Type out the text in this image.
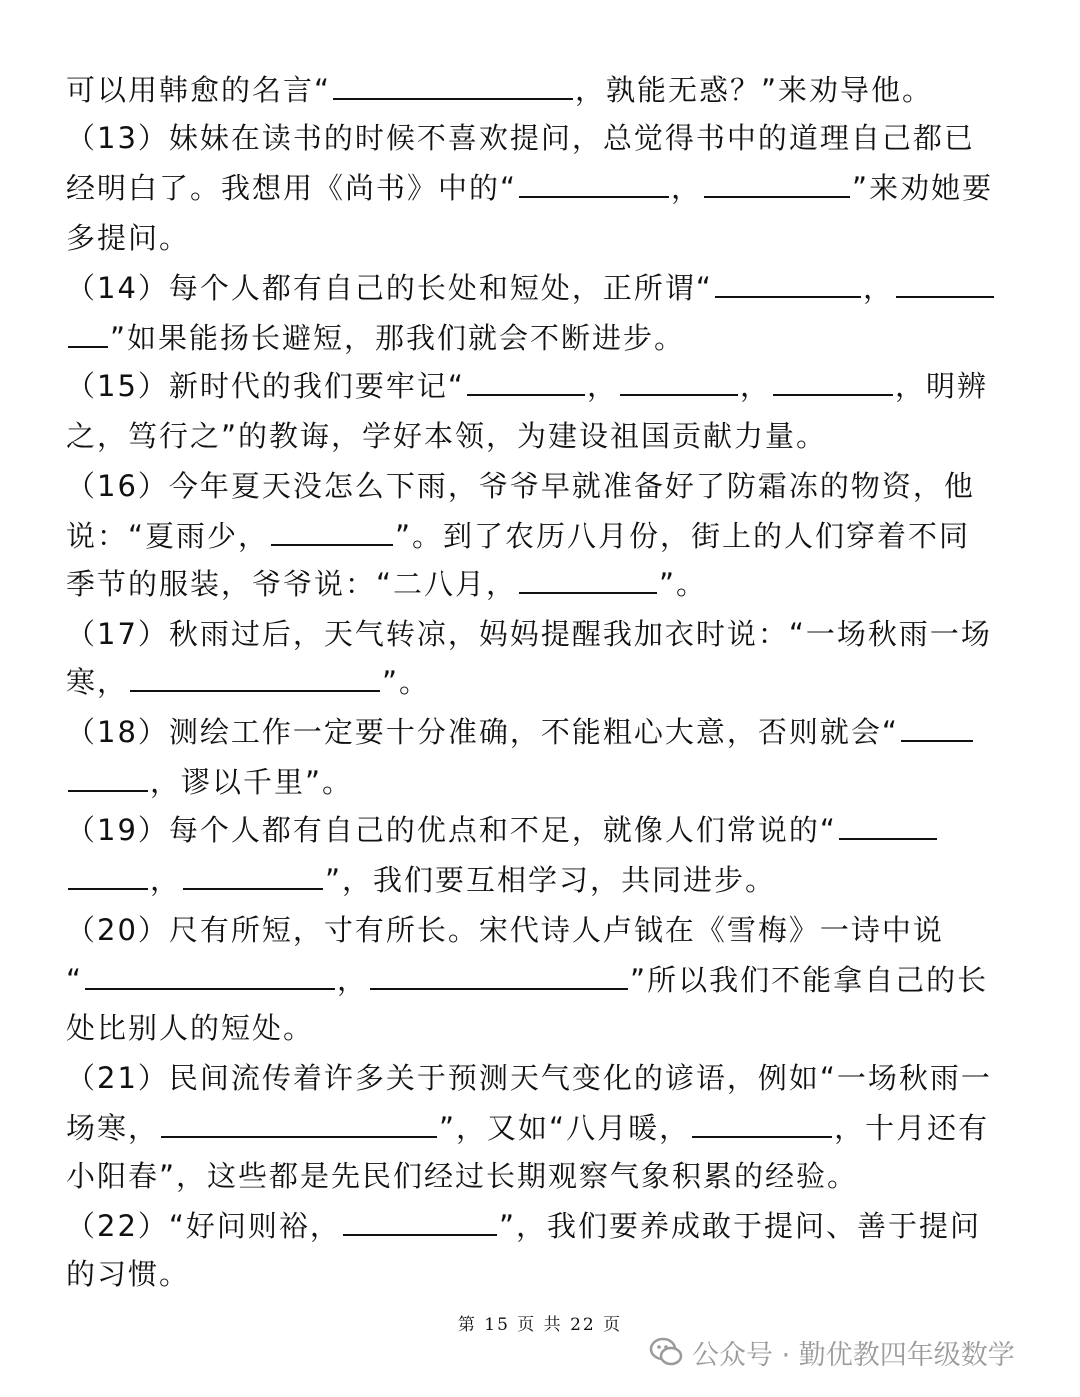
可以用韩愈的名言“	，孰能无惑？”来劝导他。
（13）妹妹在读书的时候不喜欢提问，总觉得书中的道理自己都已
经明白了。我想用《尚书》中的“	，	”来劝她要
多提问。
（14）每个人都有自己的长处和短处，正所谓“	，
”如果能扬长避短，那我们就会不断进步。
（15）新时代的我们要牢记“	，	，	，明辨
之，笃行之”的教诲，学好本领，为建设祖国贡献力量。
（16）今年夏天没怎么下雨，爷爷早就准备好了防霜冻的物资，他
说：“夏雨少，	”。到了农历八月份，街上的人们穿着不同
季节的服装，爷爷说：“二八月，	”。
（17）秋雨过后，天气转凉，妈妈提醒我加衣时说：“一场秋雨一场
寒，	”。
（18）测绘工作一定要十分准确，不能粗心大意，否则就会“
，谬以千里”。
（19）每个人都有自己的优点和不足，就像人们常说的“
，	”，我们要互相学习，共同进步。
（20）尺有所短，寸有所长。宋代诗人卢钺在《雪梅》一诗中说
“	，	”所以我们不能拿自己的长
处比别人的短处。
（21）民间流传着许多关于预测天气变化的谚语，例如“一场秋雨一
场寒，	”，又如“八月暖，	，十月还有
小阳春”，这些都是先民们经过长期观察气象积累的经验。
（22）“好问则裕，	”，我们要养成敢于提问、善于提问
的习惯。
第 15 页 共 22 页
公众号 · 勤优教四年级数学
